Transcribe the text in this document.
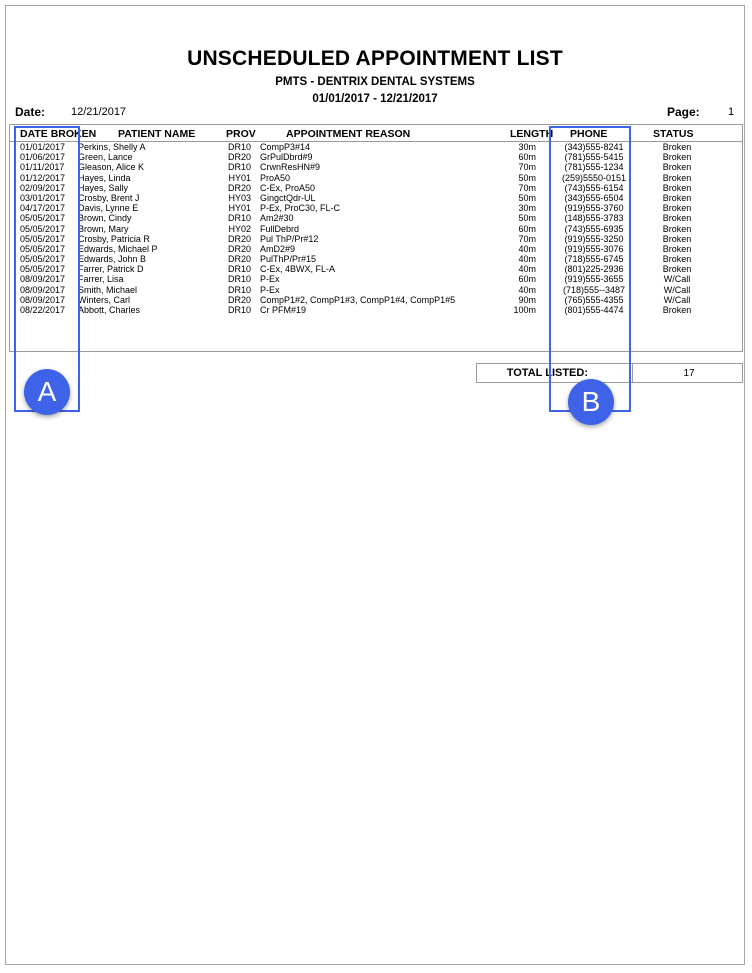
UNSCHEDULED APPOINTMENT LIST
PMTS - DENTRIX DENTAL SYSTEMS
01/01/2017 - 12/21/2017
Date: 12/21/2017	Page:	1
DATE BROKEN PATIENT NAME	PROV	APPOINTMENT REASON	LENGTH PHONE	STATUS
01/01/2017 Perkins, Shelly A	DR10 CompP3#14	30m	(343)555-8241	Broken
01/06/2017 Green, Lance	DR20 GrPulDbrd#9	60m	(781)555-5415	Broken
01/11/2017 Gleason, Alice K	DR10 CrwnResHN#9	70m	(781)555-1234	Broken
01/12/2017 Hayes, Linda	HY01 ProA50	50m	(259)5550-0151	Broken
02/09/2017 Hayes, Sally	DR20 C-Ex, ProA50	70m	(743)555-6154	Broken
03/01/2017 Crosby, Brent J	HY03 GingctQdr-UL	50m	(343)555-6504	Broken
04/17/2017 Davis, Lynne E	HY01 P-Ex, ProC30, FL-C	30m	(919)555-3760	Broken
05/05/2017 Brown, Cindy	DR10 Am2#30	50m	(148)555-3783	Broken
05/05/2017 Brown, Mary	HY02 FullDebrd	60m	(743)555-6935	Broken
05/05/2017 Crosby, Patricia R	DR20 Pul ThP/Pr#12	70m	(919)555-3250	Broken
05/05/2017 Edwards, Michael P	DR20 AmD2#9	40m	(919)555-3076	Broken
05/05/2017 Edwards, John B	DR20 PulThP/Pr#15	40m	(718)555-6745	Broken
05/05/2017 Farrer, Patrick D	DR10 C-Ex, 4BWX, FL-A	40m	(801)225-2936	Broken
08/09/2017 Farrer, Lisa	DR10 P-Ex	60m	(919)555-3655	W/Call
08/09/2017 Smith, Michael	DR10 P-Ex	40m	(718)555--3487	W/Call
08/09/2017 Winters, Carl	DR20 CompP1#2, CompP1#3, CompP1#4, CompP1#5	90m	(765)555-4355	W/Call
08/22/2017 Abbott, Charles	DR10 Cr PFM#19	100m	(801)555-4474	Broken
TOTAL LISTED:	17
A	B
